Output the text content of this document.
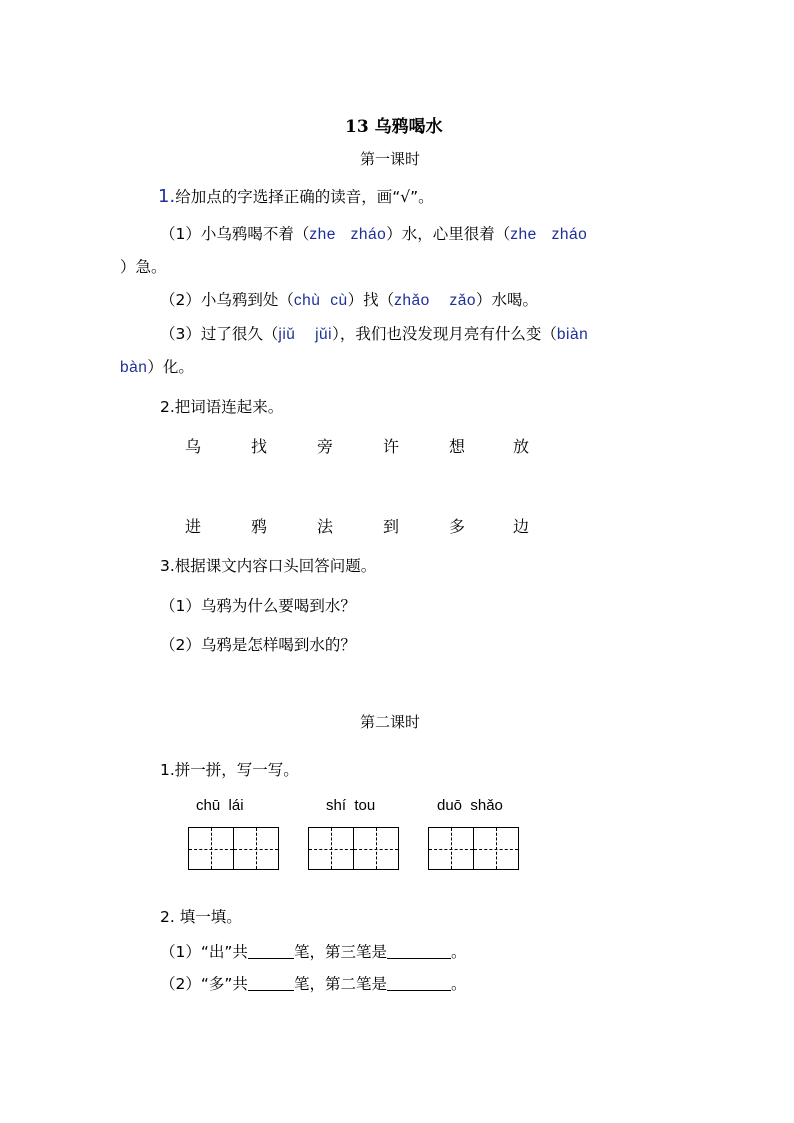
13 乌鸦喝水
第一课时
1.给加点的字选择正确的读音，画“√”。
（1）小乌鸦喝不着（zhe zháo）水，心里很着（zhe zháo
）急。
（2）小乌鸦到处（chù cù）找（zhǎo zǎo）水喝。
（3）过了很久（jiǔ jǔi），我们也没发现月亮有什么变（biàn
bàn）化。
2.把词语连起来。
乌	找	旁	许	想	放
进	鸦	法	到	多	边
3.根据课文内容口头回答问题。
（1）乌鸦为什么要喝到水？
（2）乌鸦是怎样喝到水的？
第二课时
1.拼一拼，写一写。
chū  lái	shí  tou	duō  shǎo
2. 填一填。
（1）“出”共	笔，第三笔是	。
（2）“多”共	笔，第二笔是	。
